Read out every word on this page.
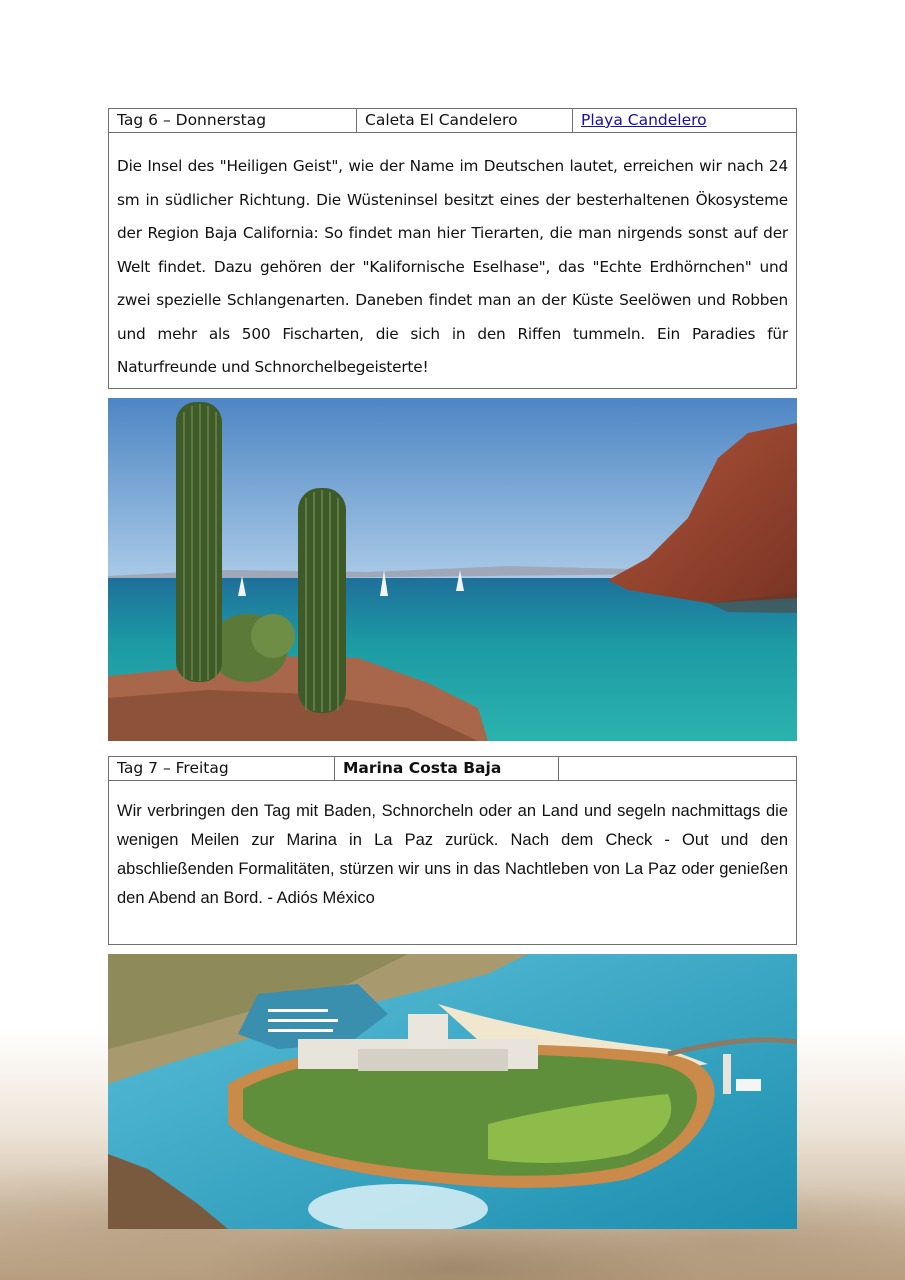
Tag 6 – Donnerstag	Caleta El Candelero	Playa Candelero
Die Insel des "Heiligen Geist", wie der Name im Deutschen lautet, erreichen wir nach 24 sm in südlicher Richtung. Die Wüsteninsel besitzt eines der besterhaltenen Ökosysteme der Region Baja California: So findet man hier Tierarten, die man nirgends sonst auf der Welt findet. Dazu gehören der "Kalifornische Eselhase", das "Echte Erdhörnchen" und zwei spezielle Schlangenarten. Daneben findet man an der Küste Seelöwen und Robben und mehr als 500 Fischarten, die sich in den Riffen tummeln. Ein Paradies für Naturfreunde und Schnorchelbegeisterte!
Tag 7 – Freitag	Marina Costa Baja
Wir verbringen den Tag mit Baden, Schnorcheln oder an Land und segeln nachmittags die wenigen Meilen zur Marina in La Paz zurück. Nach dem Check - Out und den abschließenden Formalitäten, stürzen wir uns in das Nachtleben von La Paz oder genießen den Abend an Bord. - Adiós México
